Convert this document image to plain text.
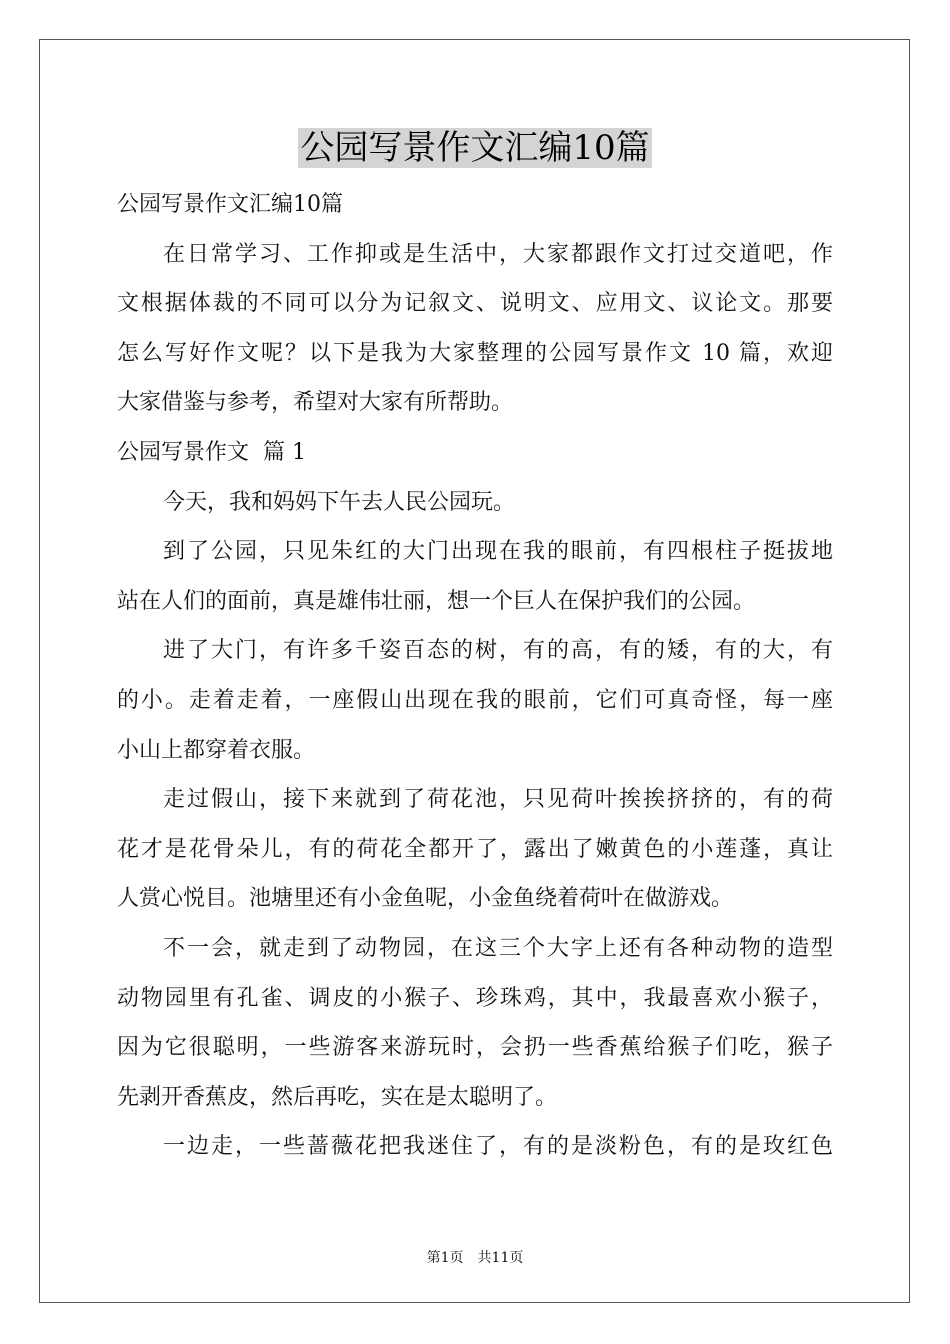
公园写景作文汇编10篇
公园写景作文汇编10篇
在日常学习、工作抑或是生活中，大家都跟作文打过交道吧，作
文根据体裁的不同可以分为记叙文、说明文、应用文、议论文。那要
怎么写好作文呢？以下是我为大家整理的公园写景作文 10 篇，欢迎
大家借鉴与参考，希望对大家有所帮助。
公园写景作文  篇 1
今天，我和妈妈下午去人民公园玩。
到了公园，只见朱红的大门出现在我的眼前，有四根柱子挺拔地
站在人们的面前，真是雄伟壮丽，想一个巨人在保护我们的公园。
进了大门，有许多千姿百态的树，有的高，有的矮，有的大，有
的小。走着走着，一座假山出现在我的眼前，它们可真奇怪，每一座
小山上都穿着衣服。
走过假山，接下来就到了荷花池，只见荷叶挨挨挤挤的，有的荷
花才是花骨朵儿，有的荷花全都开了，露出了嫩黄色的小莲蓬，真让
人赏心悦目。池塘里还有小金鱼呢，小金鱼绕着荷叶在做游戏。
不一会，就走到了动物园，在这三个大字上还有各种动物的造型
动物园里有孔雀、调皮的小猴子、珍珠鸡，其中，我最喜欢小猴子，
因为它很聪明，一些游客来游玩时，会扔一些香蕉给猴子们吃，猴子
先剥开香蕉皮，然后再吃，实在是太聪明了。
一边走，一些蔷薇花把我迷住了，有的是淡粉色，有的是玫红色
第1页 共11页
